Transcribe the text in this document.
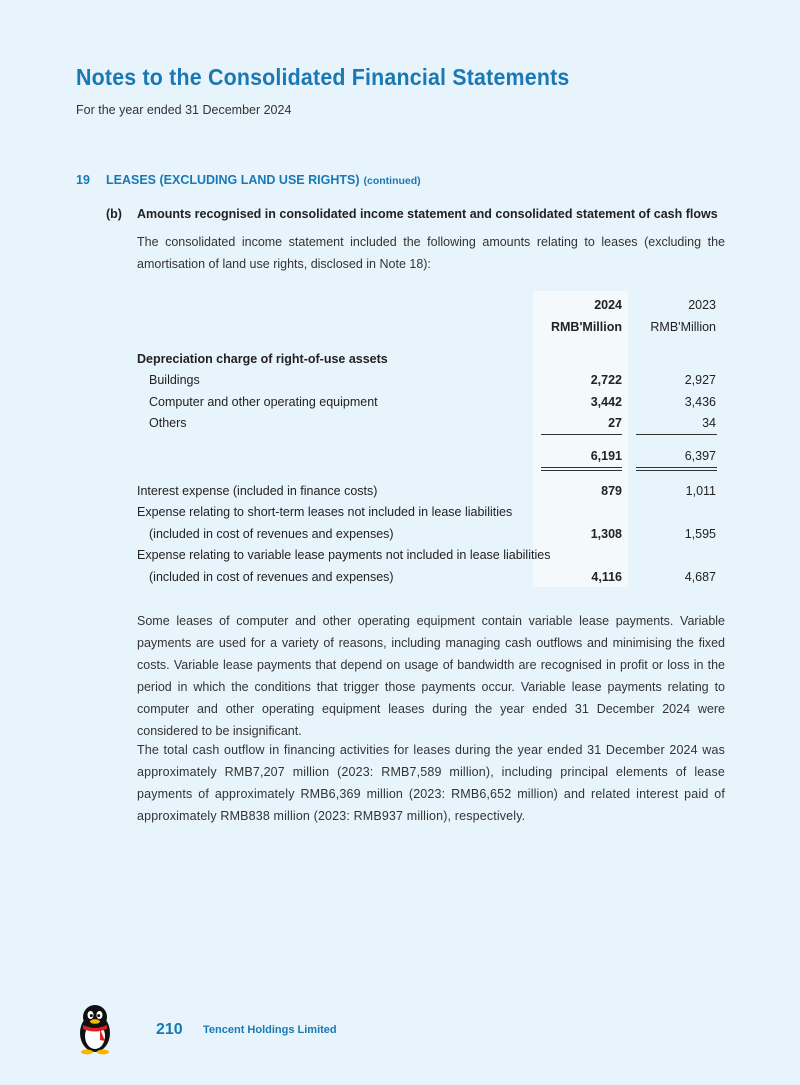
Notes to the Consolidated Financial Statements
For the year ended 31 December 2024
19 LEASES (EXCLUDING LAND USE RIGHTS) (continued)
(b) Amounts recognised in consolidated income statement and consolidated statement of cash flows
The consolidated income statement included the following amounts relating to leases (excluding the amortisation of land use rights, disclosed in Note 18):
2024	2023
RMB'Million RMB'Million
Depreciation charge of right-of-use assets
Buildings	2,722	2,927
Computer and other operating equipment	3,442	3,436
Others	27	34
6,191	6,397
Interest expense (included in finance costs)	879	1,011
Expense relating to short-term leases not included in lease liabilities
(included in cost of revenues and expenses)	1,308	1,595
Expense relating to variable lease payments not included in lease liabilities
(included in cost of revenues and expenses)	4,116	4,687
Some leases of computer and other operating equipment contain variable lease payments. Variable payments are used for a variety of reasons, including managing cash outflows and minimising the fixed costs. Variable lease payments that depend on usage of bandwidth are recognised in profit or loss in the period in which the conditions that trigger those payments occur. Variable lease payments relating to computer and other operating equipment leases during the year ended 31 December 2024 were considered to be insignificant.
The total cash outflow in financing activities for leases during the year ended 31 December 2024 was approximately RMB7,207 million (2023: RMB7,589 million), including principal elements of lease payments of approximately RMB6,369 million (2023: RMB6,652 million) and related interest paid of approximately RMB838 million (2023: RMB937 million), respectively.
210 Tencent Holdings Limited
